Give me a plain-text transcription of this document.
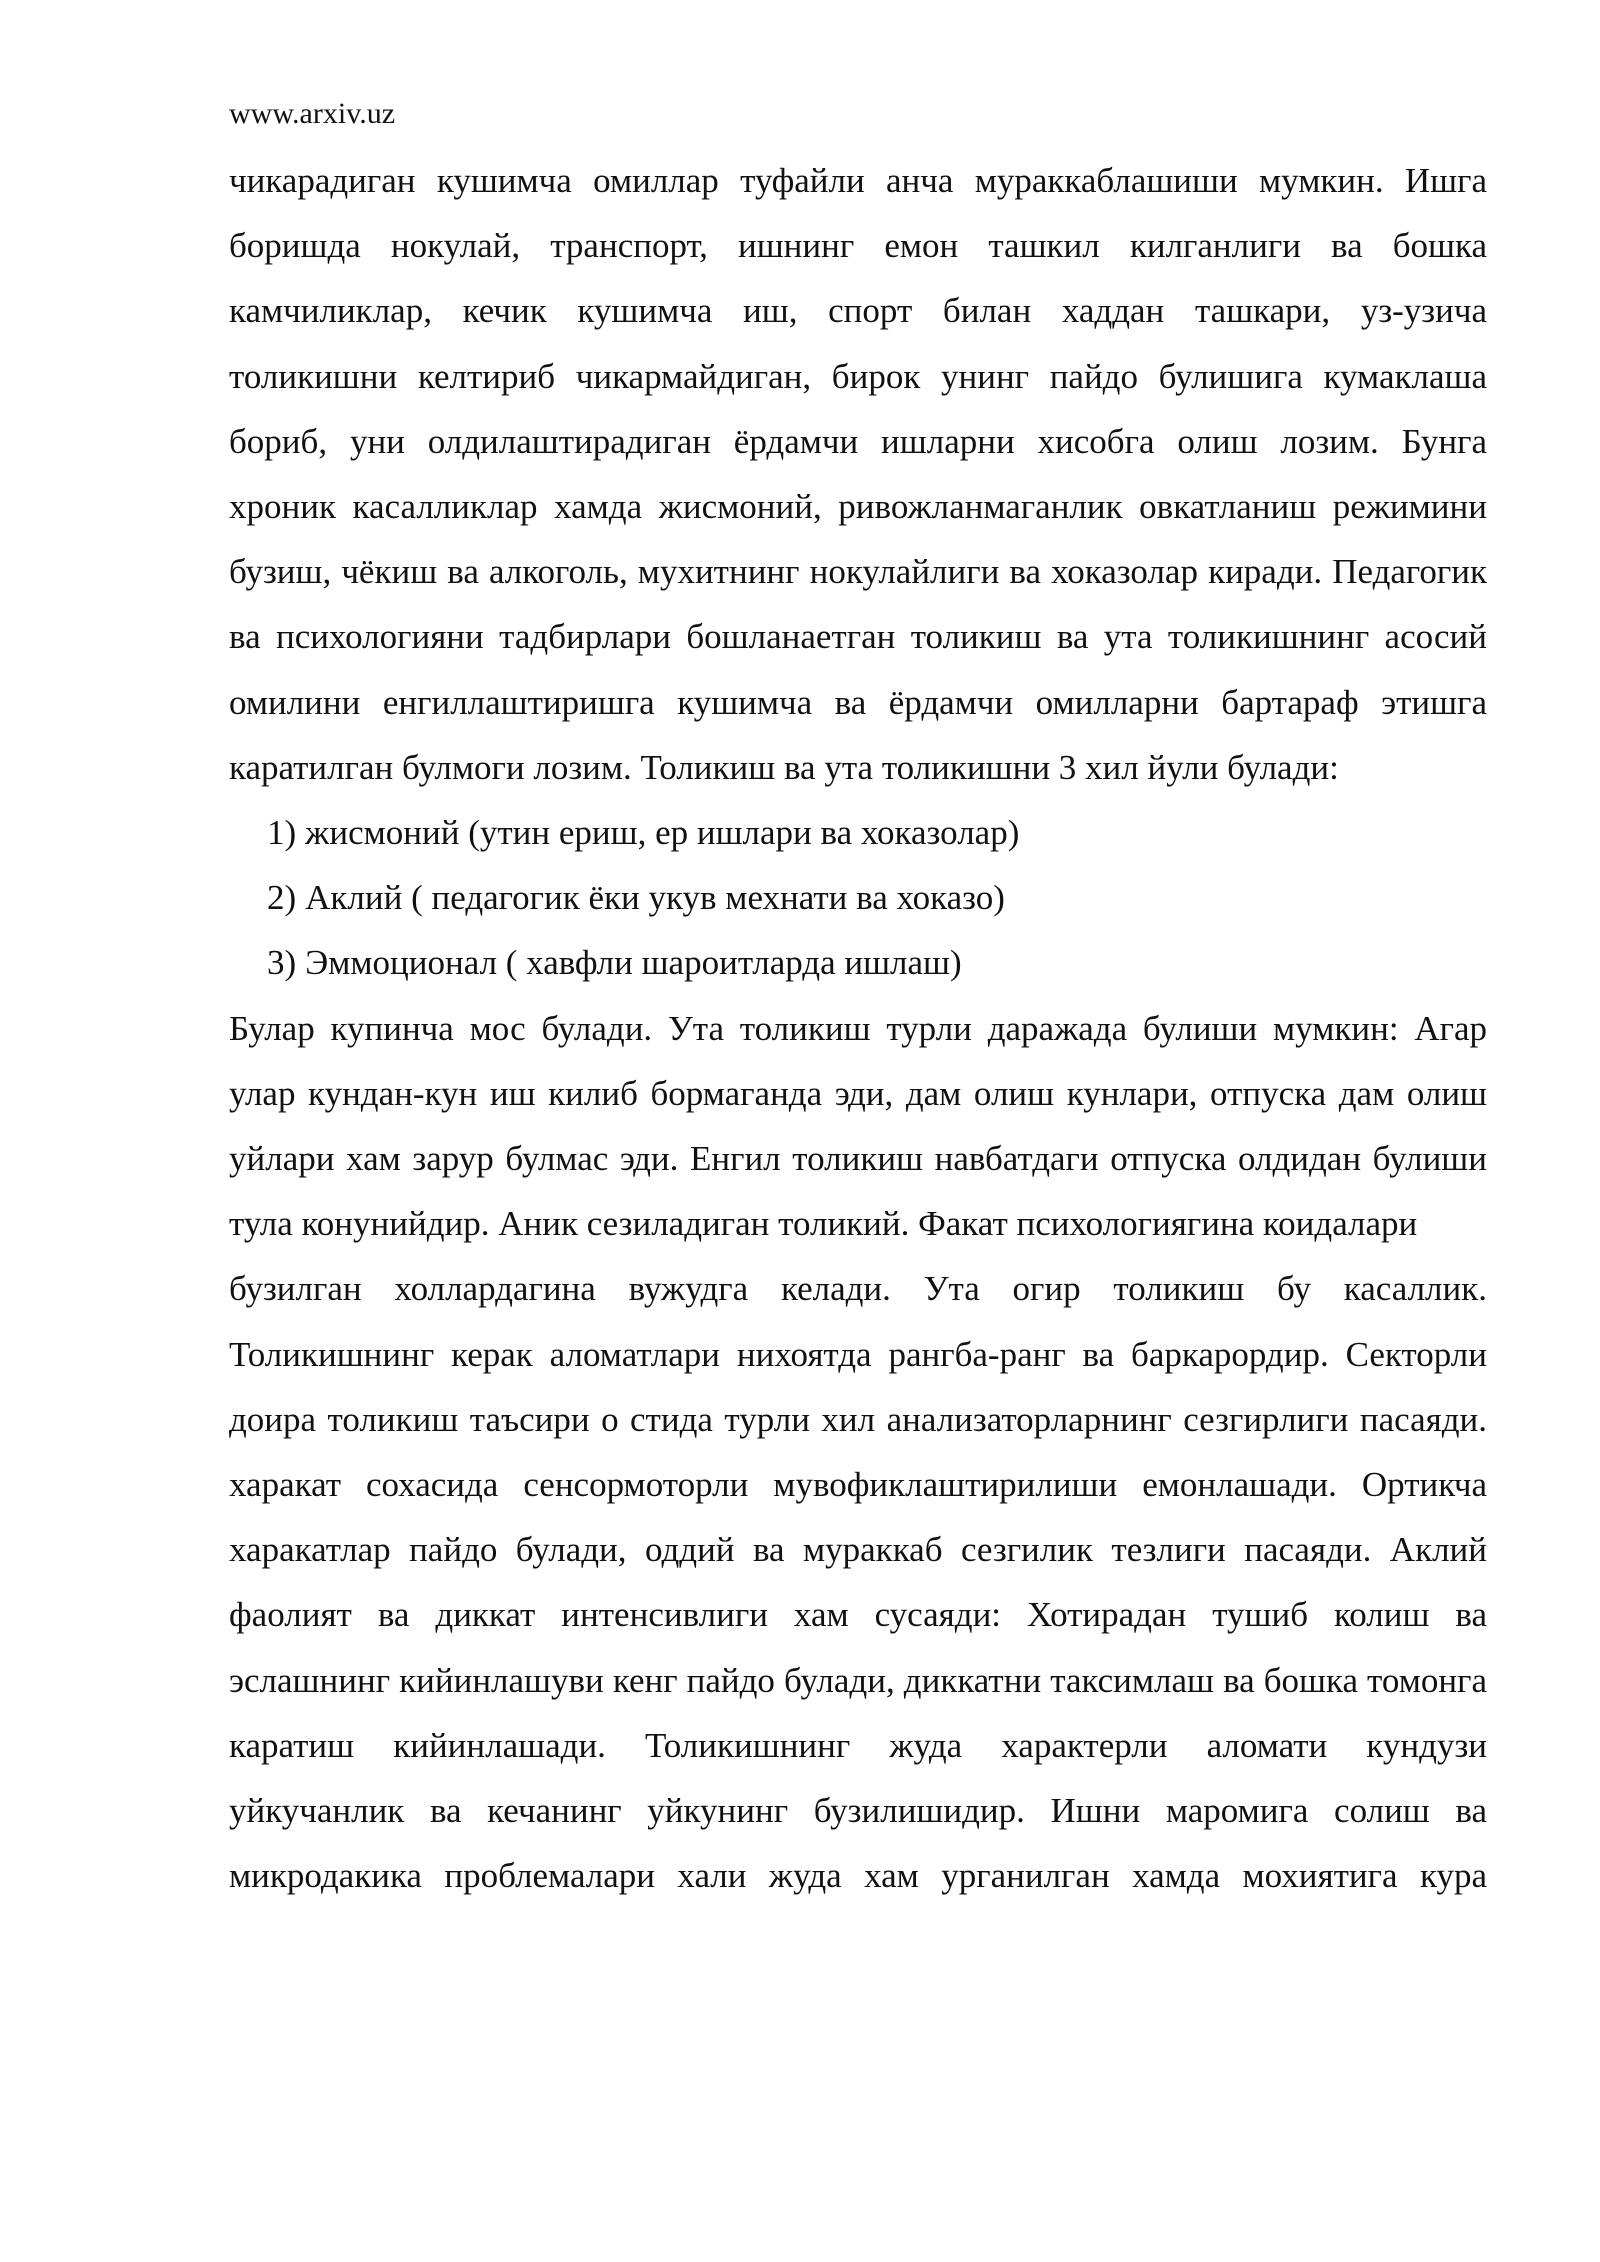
www.arxiv.uz

чикарадиган кушимча омиллар туфайли анча мураккаблашиши мумкин. Ишга боришда нокулай, транспорт, ишнинг емон ташкил килганлиги ва бошка камчиликлар, кечик кушимча иш, спорт билан хаддан ташкари, уз-узича толикишни келтириб чикармайдиган, бирок унинг пайдо булишига кумаклаша бориб, уни олдилаштирадиган ёрдамчи ишларни хисобга олиш лозим. Бунга хроник касалликлар хамда жисмоний, ривожланмаганлик овкатланиш режимини бузиш, чёкиш ва алкоголь, мухитнинг нокулайлиги ва хоказолар киради. Педагогик ва психологияни тадбирлари бошланаетган толикиш ва ута толикишнинг асосий омилини енгиллаштиришга кушимча ва ёрдамчи омилларни бартараф этишга каратилган булмоги лозим. Толикиш ва ута толикишни 3 хил йули булади:

1) жисмоний (утин ериш, ер ишлари ва хоказолар)
2) Аклий ( педагогик ёки укув мехнати ва хоказо)
3) Эммоционал ( хавфли шароитларда ишлаш)

Булар купинча мос булади. Ута толикиш турли даражада булиши мумкин: Агар улар кундан-кун иш килиб бормаганда эди, дам олиш кунлари, отпуска дам олиш уйлари хам зарур булмас эди. Енгил толикиш навбатдаги отпуска олдидан булиши тула конунийдир. Аник сезиладиган толикий. Факат психологиягина коидалари

бузилган холлардагина вужудга келади. Ута огир толикиш бу касаллик. Толикишнинг керак аломатлари нихоятда рангба-ранг ва баркарордир. Секторли доира толикиш таъсири о стида турли хил анализаторларнинг сезгирлиги пасаяди. харакат сохасида сенсормоторли мувофиклаштирилиши емонлашади. Ортикча харакатлар пайдо булади, оддий ва мураккаб сезгилик тезлиги пасаяди. Аклий фаолият ва диккат интенсивлиги хам сусаяди: Хотирадан тушиб колиш ва эслашнинг кийинлашуви кенг пайдо булади, диккатни таксимлаш ва бошка томонга каратиш кийинлашади. Толикишнинг жуда характерли аломати кундузи уйкучанлик ва кечанинг уйкунинг бузилишидир. Ишни маромига солиш ва микродакика проблемалари хали жуда хам урганилган хамда мохиятига кура
